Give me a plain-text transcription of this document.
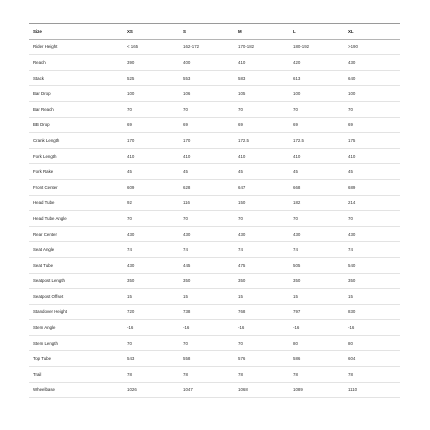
Size	XS	S	M	L	XL
Rider Height	< 165	162-172	170-182	180-192	>190
Reach	390	400	410	420	430
Stack	525	553	583	613	640
Bar Drop	100	106	105	100	100
Bar Reach	70	70	70	70	70
BB Drop	69	69	69	69	69
Crank Length	170	170	172.5	172.5	175
Fork Length	410	410	410	410	410
Fork Rake	45	45	45	45	45
Front Center	609	628	647	668	689
Head Tube	92	116	150	182	214
Head Tube Angle	70	70	70	70	70
Rear Center	430	430	430	430	430
Seat Angle	74	74	74	74	74
Seat Tube	430	445	475	505	540
Seatpost Length	350	350	350	350	350
Seatpost Offset	15	15	15	15	15
Standover Height	720	738	768	797	830
Stem Angle	-16	-16	-16	-16	-16
Stem Length	70	70	70	80	80
Top Tube	543	558	576	586	604
Trail	78	78	78	78	78
Wheelbase	1026	1047	1068	1089	1110
